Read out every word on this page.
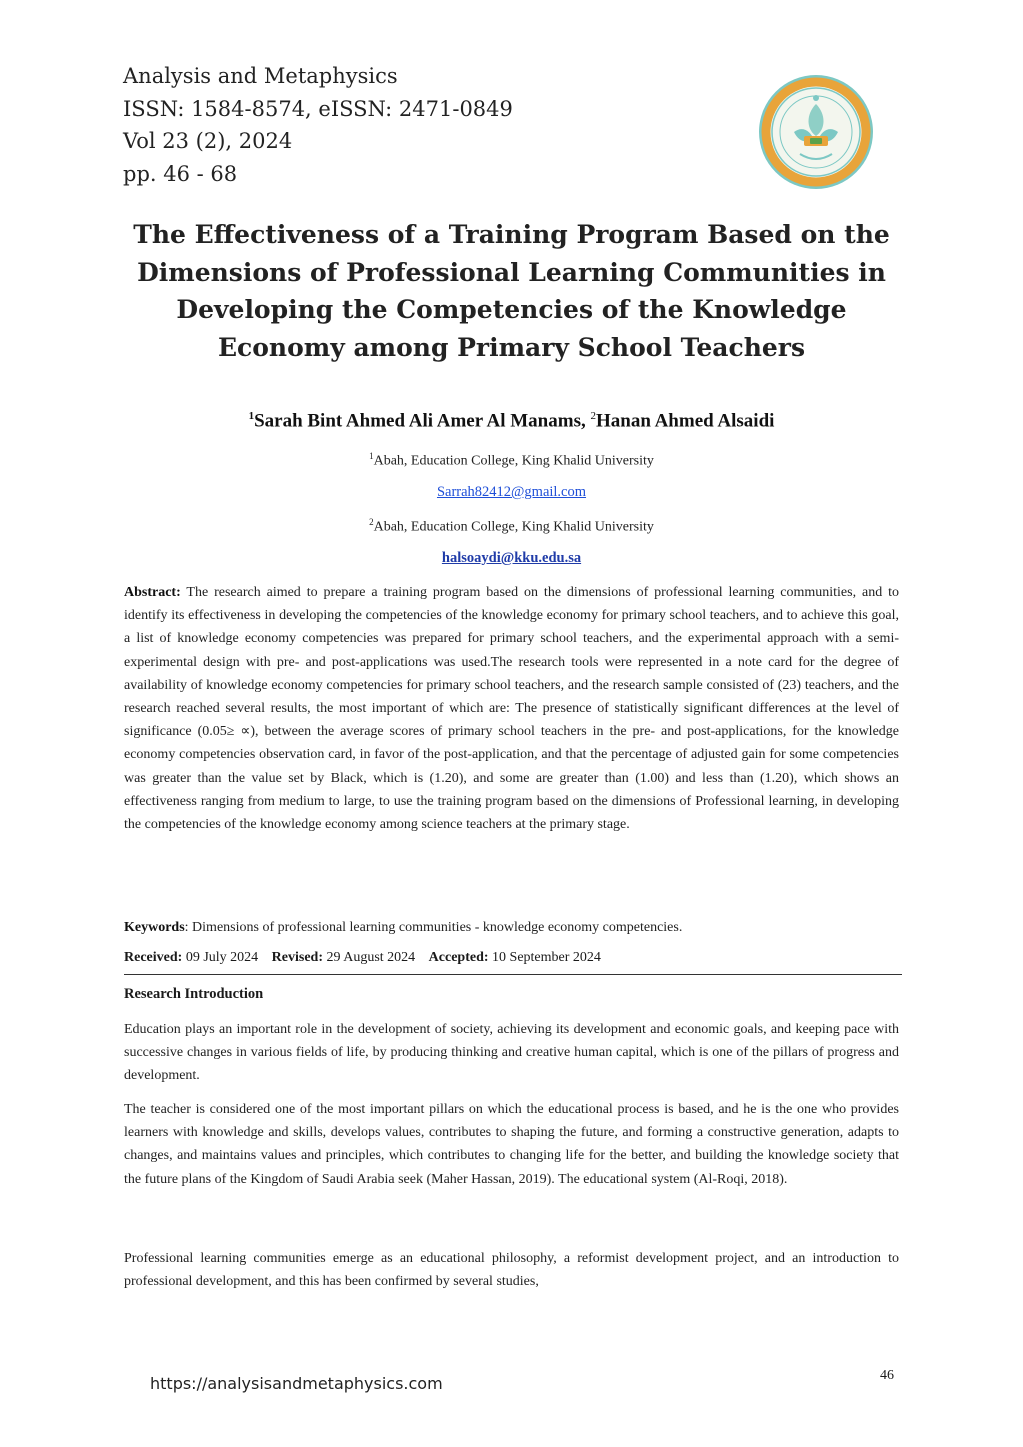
Analysis and Metaphysics
ISSN: 1584-8574, eISSN: 2471-0849
Vol 23 (2), 2024
pp. 46 - 68
The Effectiveness of a Training Program Based on the Dimensions of Professional Learning Communities in Developing the Competencies of the Knowledge Economy among Primary School Teachers
$^1$Sarah Bint Ahmed Ali Amer Al Manams, $^2$Hanan Ahmed Alsaidi
$^1$Abah, Education College, King Khalid University
Sarrah82412@gmail.com
$^2$Abah, Education College, King Khalid University
halsoaydi@kku.edu.sa
Abstract: The research aimed to prepare a training program based on the dimensions of professional learning communities, and to identify its effectiveness in developing the competencies of the knowledge economy for primary school teachers, and to achieve this goal, a list of knowledge economy competencies was prepared for primary school teachers, and the experimental approach with a semi-experimental design with pre- and post-applications was used.The research tools were represented in a note card for the degree of availability of knowledge economy competencies for primary school teachers, and the research sample consisted of (23) teachers, and the research reached several results, the most important of which are: The presence of statistically significant differences at the level of significance (0.05≥ ∝), between the average scores of primary school teachers in the pre- and post-applications, for the knowledge economy competencies observation card, in favor of the post-application, and that the percentage of adjusted gain for some competencies was greater than the value set by Black, which is (1.20), and some are greater than (1.00) and less than (1.20), which shows an effectiveness ranging from medium to large, to use the training program based on the dimensions of Professional learning, in developing the competencies of the knowledge economy among science teachers at the primary stage.
Keywords: Dimensions of professional learning communities - knowledge economy competencies.
Received: 09 July 2024 Revised: 29 August 2024 Accepted: 10 September 2024
Research Introduction
Education plays an important role in the development of society, achieving its development and economic goals, and keeping pace with successive changes in various fields of life, by producing thinking and creative human capital, which is one of the pillars of progress and development.
The teacher is considered one of the most important pillars on which the educational process is based, and he is the one who provides learners with knowledge and skills, develops values, contributes to shaping the future, and forming a constructive generation, adapts to changes, and maintains values and principles, which contributes to changing life for the better, and building the knowledge society that the future plans of the Kingdom of Saudi Arabia seek (Maher Hassan, 2019). The educational system (Al-Roqi, 2018).
Professional learning communities emerge as an educational philosophy, a reformist development project, and an introduction to professional development, and this has been confirmed by several studies,
https://analysisandmetaphysics.com	46
